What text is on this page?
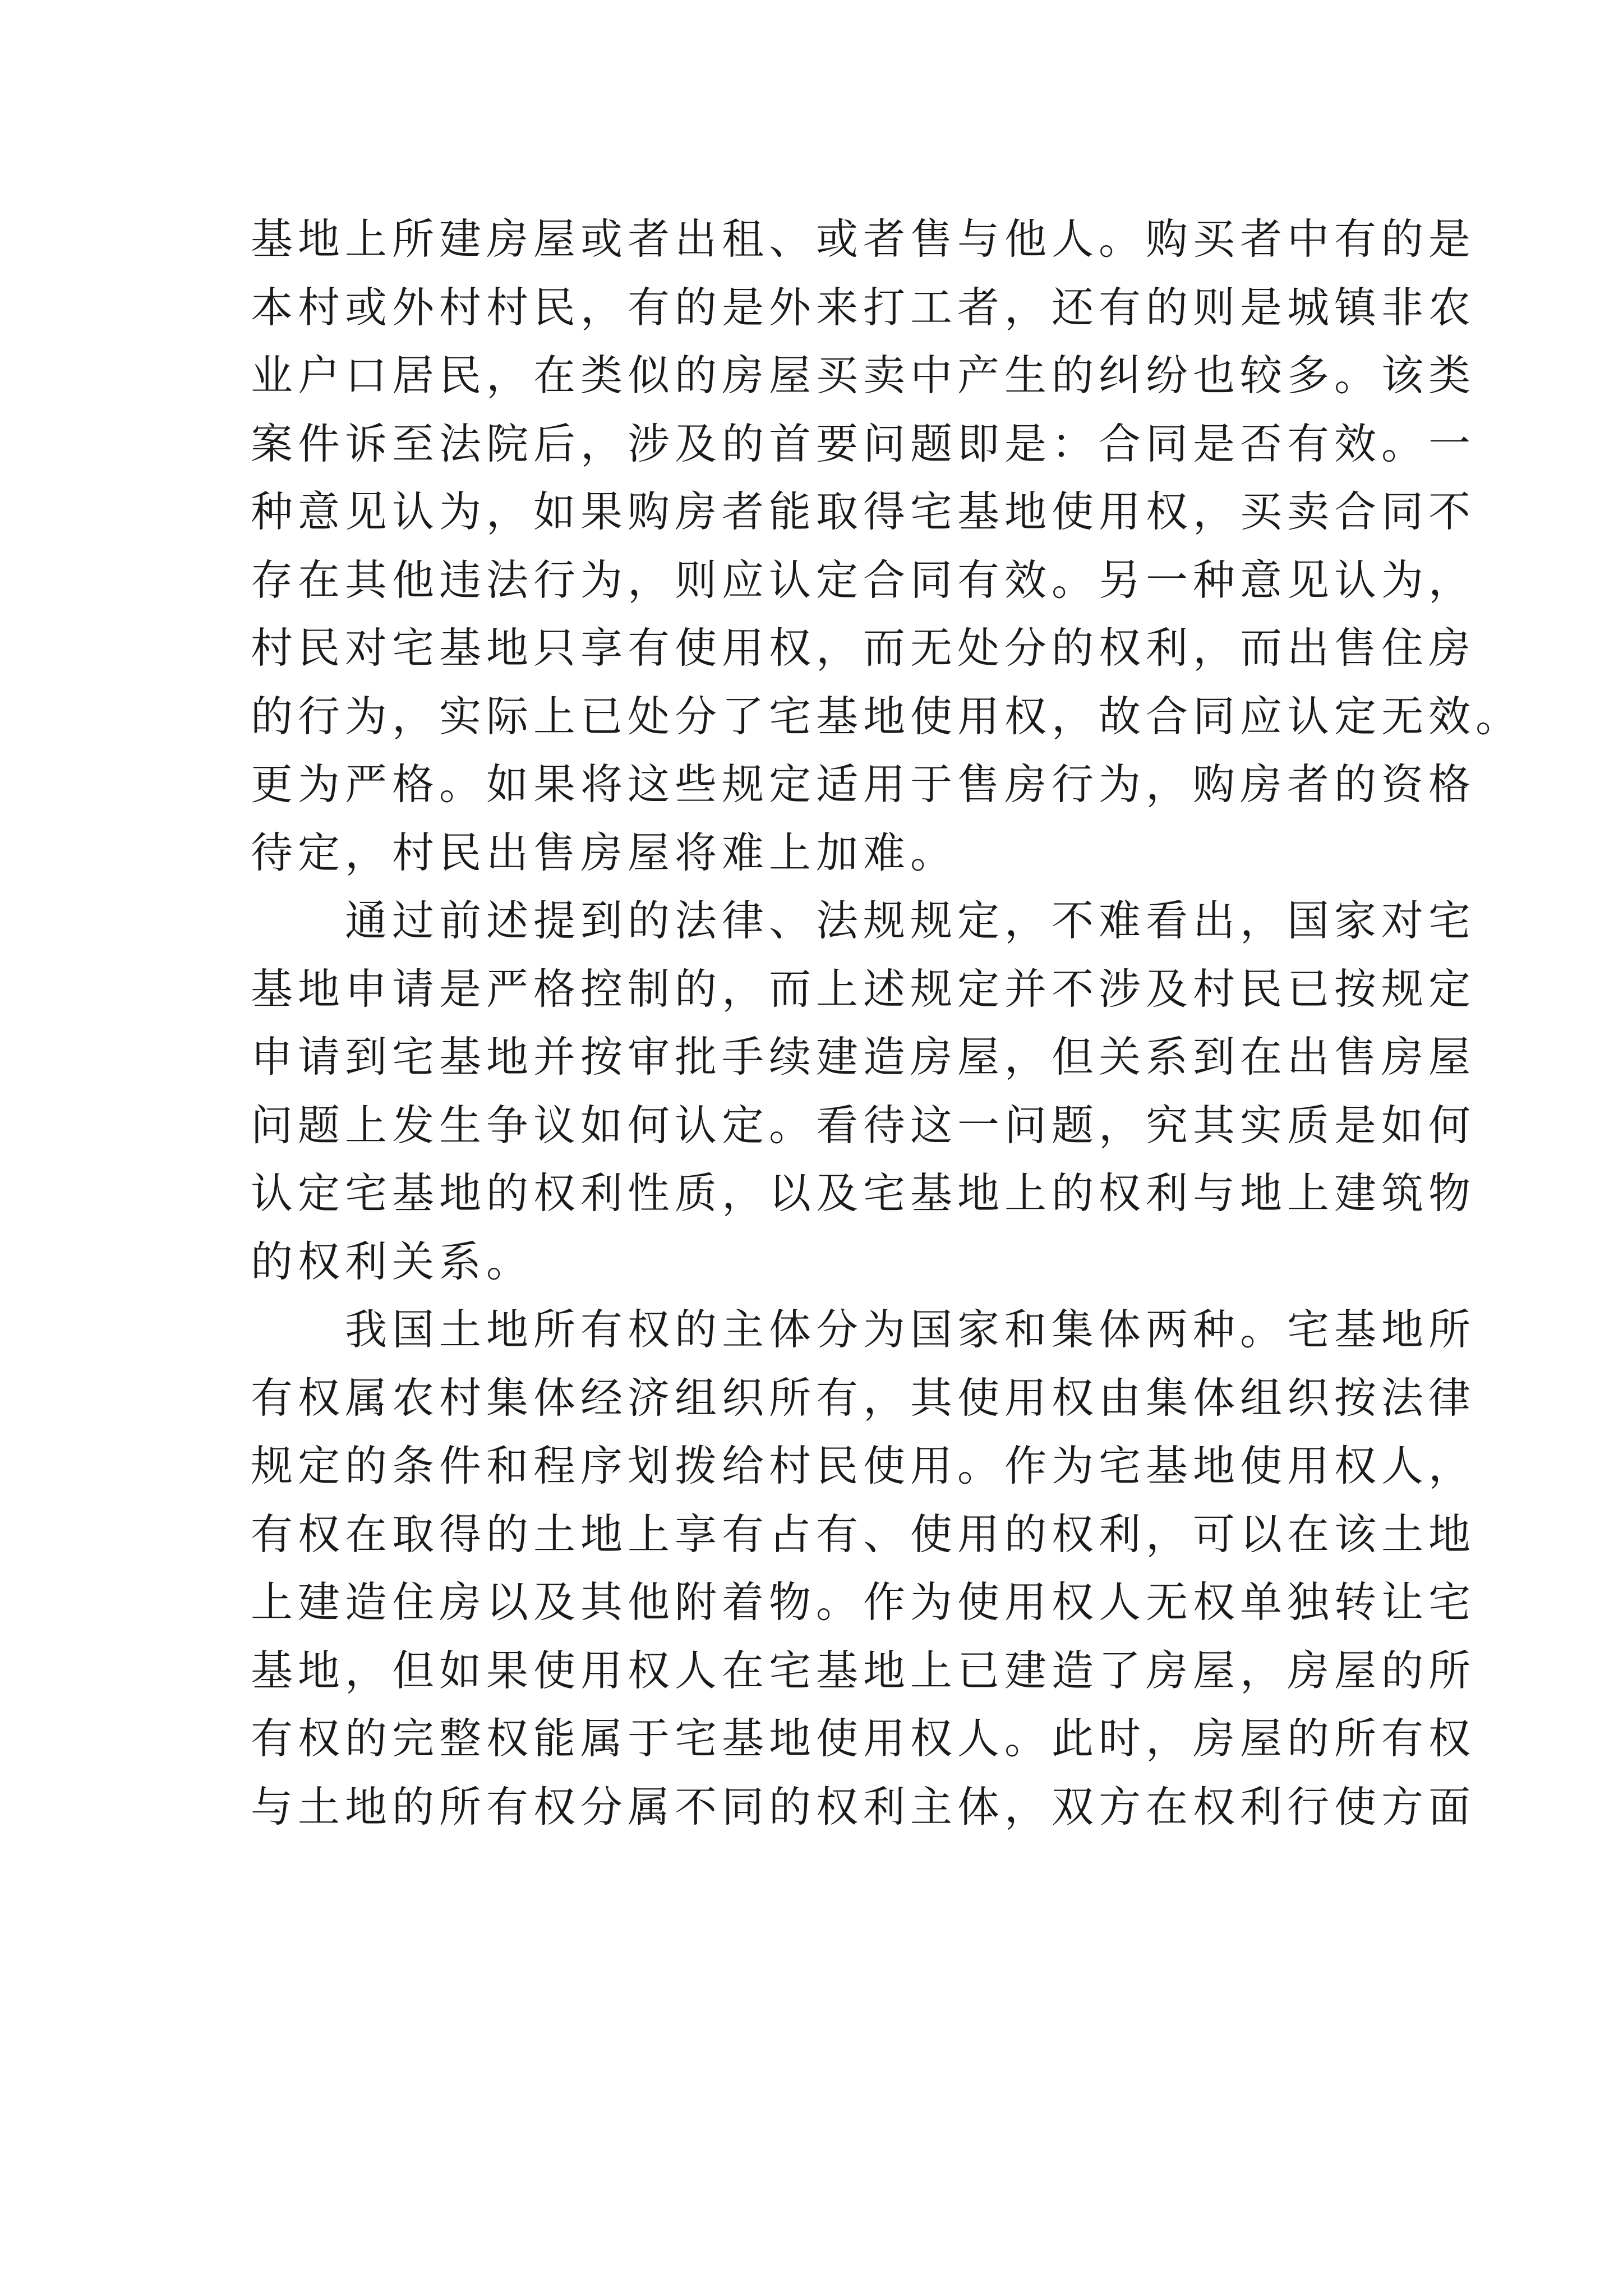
基地上所建房屋或者出租、或者售与他人。购买者中有的是
本村或外村村民，有的是外来打工者，还有的则是城镇非农
业户口居民，在类似的房屋买卖中产生的纠纷也较多。该类
案件诉至法院后，涉及的首要问题即是：合同是否有效。一
种意见认为，如果购房者能取得宅基地使用权，买卖合同不
存在其他违法行为，则应认定合同有效。另一种意见认为，
村民对宅基地只享有使用权，而无处分的权利，而出售住房
的行为，实际上已处分了宅基地使用权，故合同应认定无效。
更为严格。如果将这些规定适用于售房行为，购房者的资格
待定，村民出售房屋将难上加难。
通过前述提到的法律、法规规定，不难看出，国家对宅
基地申请是严格控制的，而上述规定并不涉及村民已按规定
申请到宅基地并按审批手续建造房屋，但关系到在出售房屋
问题上发生争议如何认定。看待这一问题，究其实质是如何
认定宅基地的权利性质，以及宅基地上的权利与地上建筑物
的权利关系。
我国土地所有权的主体分为国家和集体两种。宅基地所
有权属农村集体经济组织所有，其使用权由集体组织按法律
规定的条件和程序划拨给村民使用。作为宅基地使用权人，
有权在取得的土地上享有占有、使用的权利，可以在该土地
上建造住房以及其他附着物。作为使用权人无权单独转让宅
基地，但如果使用权人在宅基地上已建造了房屋，房屋的所
有权的完整权能属于宅基地使用权人。此时，房屋的所有权
与土地的所有权分属不同的权利主体，双方在权利行使方面
